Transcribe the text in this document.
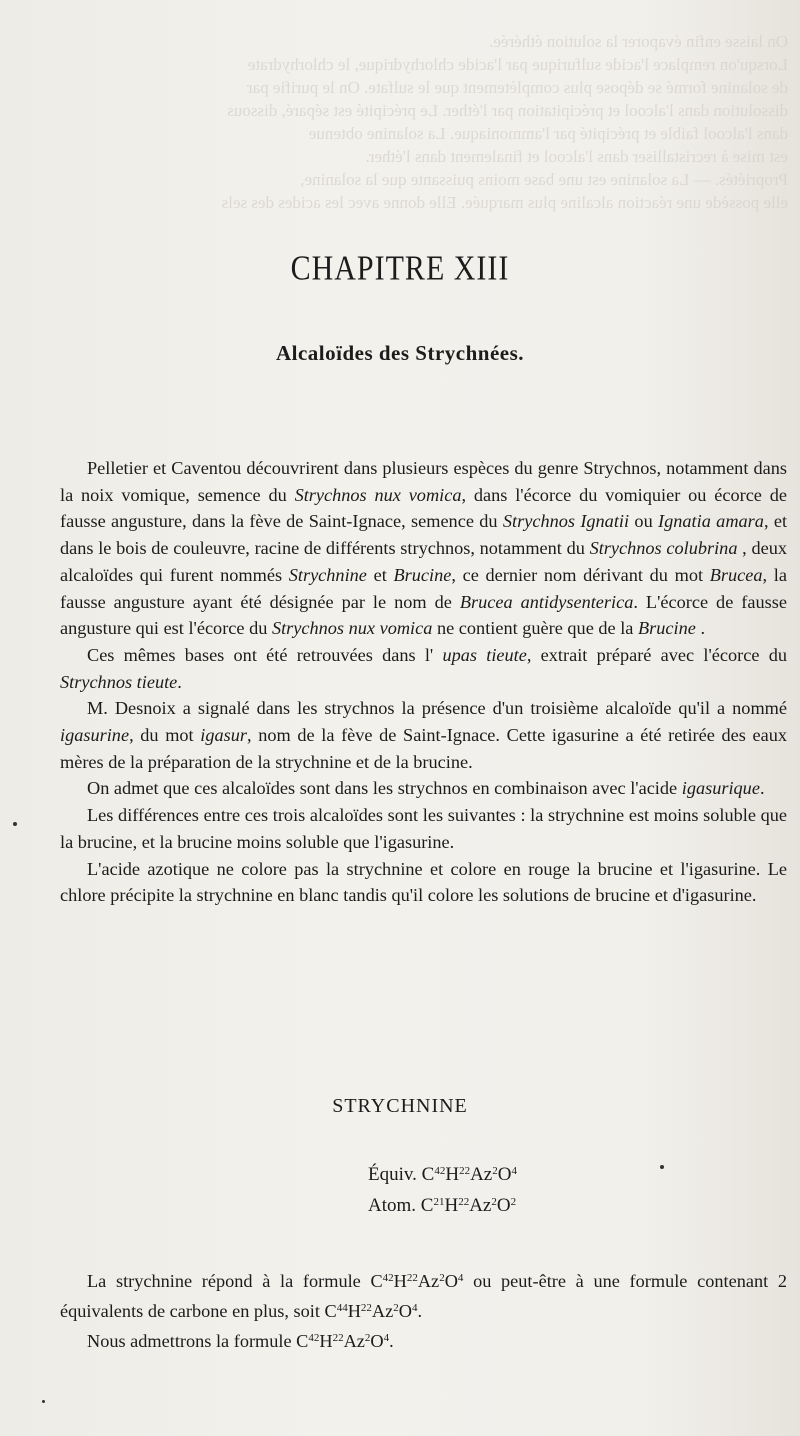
On laisse enfin évaporer la solution éthérée.
Lorsqu'on remplace l'acide sulfurique par l'acide chlorhydrique, le chlorhydrate
de solanine formé se dépose plus complètement que le sulfate. On le purifie par
dissolution dans l'alcool et précipitation par l'éther. Le précipité est séparé, dissous
dans l'alcool faible et précipité par l'ammoniaque. La solanine obtenue
est mise à recristalliser dans l'alcool et finalement dans l'éther.
Propriétés. — La solanine est une base moins puissante que la solanine,
elle possède une réaction alcaline plus marquée. Elle donne avec les acides des sels
CHAPITRE XIII
Alcaloïdes des Strychnées.

Pelletier et Caventou découvrirent dans plusieurs espèces du genre Strychnos, notamment dans la noix vomique, semence du Strychnos nux vomica, dans l'écorce du vomiquier ou écorce de fausse angusture, dans la fève de Saint-Ignace, semence du Strychnos Ignatii ou Ignatia amara, et dans le bois de couleuvre, racine de différents strychnos, notamment du Strychnos colubrina , deux alcaloïdes qui furent nommés Strychnine et Brucine, ce dernier nom dérivant du mot Brucea, la fausse angusture ayant été désignée par le nom de Brucea antidysenterica. L'écorce de fausse angusture qui est l'écorce du Strychnos nux vomica ne contient guère que de la Brucine .

Ces mêmes bases ont été retrouvées dans l' upas tieute, extrait préparé avec l'écorce du Strychnos tieute.

M. Desnoix a signalé dans les strychnos la présence d'un troisième alcaloïde qu'il a nommé igasurine, du mot igasur, nom de la fève de Saint-Ignace. Cette igasurine a été retirée des eaux mères de la préparation de la strychnine et de la brucine.

On admet que ces alcaloïdes sont dans les strychnos en combinaison avec l'acide igasurique.

Les différences entre ces trois alcaloïdes sont les suivantes : la strychnine est moins soluble que la brucine, et la brucine moins soluble que l'igasurine.

L'acide azotique ne colore pas la strychnine et colore en rouge la brucine et l'igasurine. Le chlore précipite la strychnine en blanc tandis qu'il colore les solutions de brucine et d'igasurine.

STRYCHNINE
Équiv. $C^{42}H^{22}Az^2O^4$
Atom. $C^{21}H^{22}Az^2O^2$

La strychnine répond à la formule $C^{42}H^{22}Az^2O^4$ ou peut-être à une formule contenant 2 équivalents de carbone en plus, soit $C^{44}H^{22}Az^2O^4$.

Nous admettrons la formule $C^{42}H^{22}Az^2O^4$.
